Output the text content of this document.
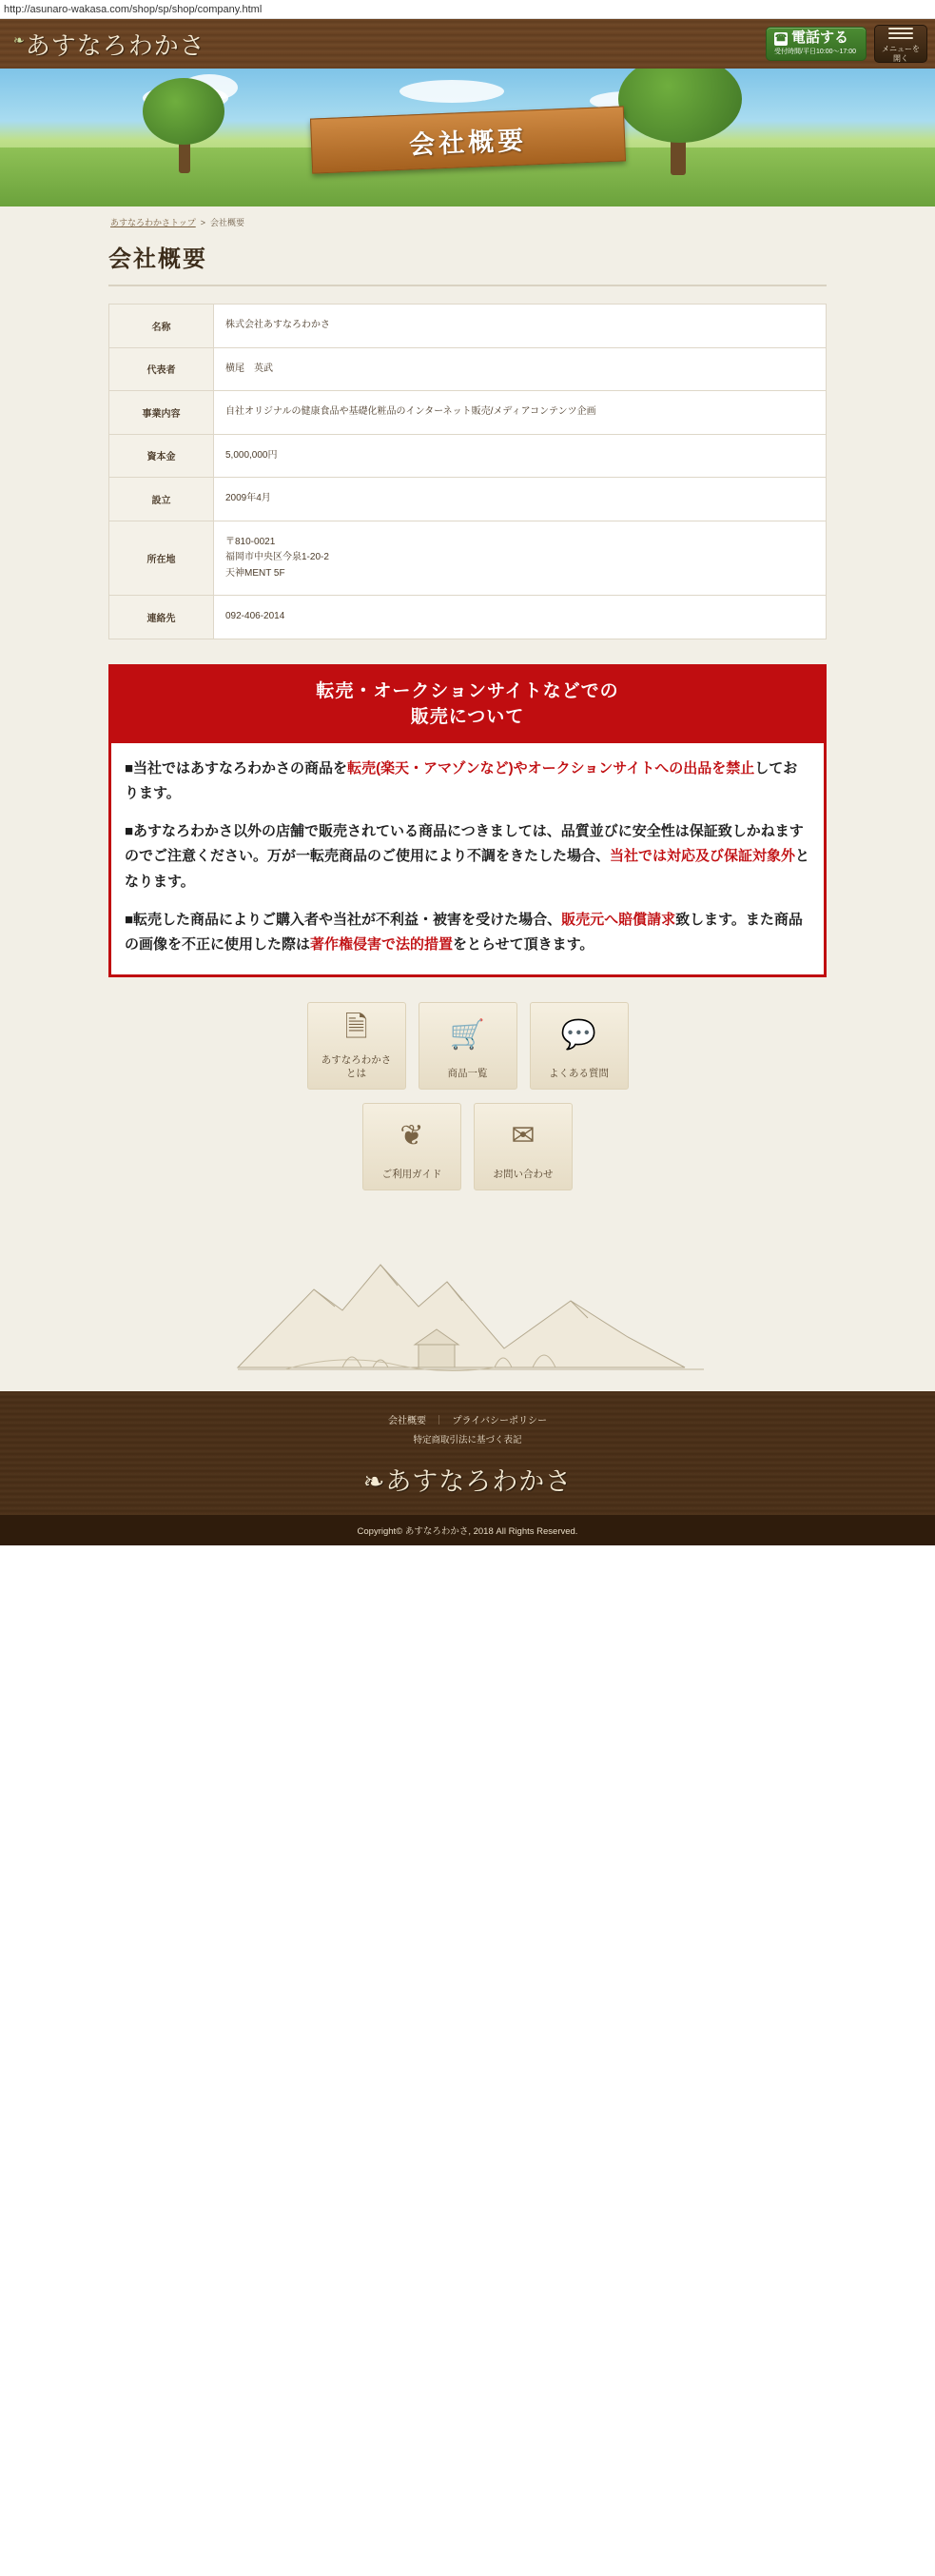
http://asunaro-wakasa.com/shop/sp/shop/company.html
❧あすなろわかさ	☎ 電話する
受付時間/平日10:00〜17:00	メニューを
開く
会社概要
あすなろわかさトップ  >  会社概要
会社概要
名称	株式会社あすなろわかさ
代表者	横尾　英武
事業内容	自社オリジナルの健康食品や基礎化粧品のインターネット販売/メディアコンテンツ企画
資本金	5,000,000円
設立	2009年4月
所在地	〒810-0021
福岡市中央区今泉1-20-2
天神MENT 5F
連絡先	092-406-2014
転売・オークションサイトなどでの
販売について

■当社ではあすなろわかさの商品を転売(楽天・アマゾンなど)やオークションサイトへの出品を禁止しております。

■あすなろわかさ以外の店舗で販売されている商品につきましては、品質並びに安全性は保証致しかねますのでご注意ください。万が一転売商品のご使用により不調をきたした場合、当社では対応及び保証対象外となります。

■転売した商品によりご購入者や当社が不利益・被害を受けた場合、販売元へ賠償請求致します。また商品の画像を不正に使用した際は著作権侵害で法的措置をとらせて頂きます。

🗎
あすなろわかさ
とは
🛒
商品一覧
💬
よくある質問
❦
ご利用ガイド
✉
お問い合わせ
会社概要 ｜ プライバシーポリシー
特定商取引法に基づく表記
❧あすなろわかさ
Copyright© あすなろわかさ, 2018 All Rights Reserved.
